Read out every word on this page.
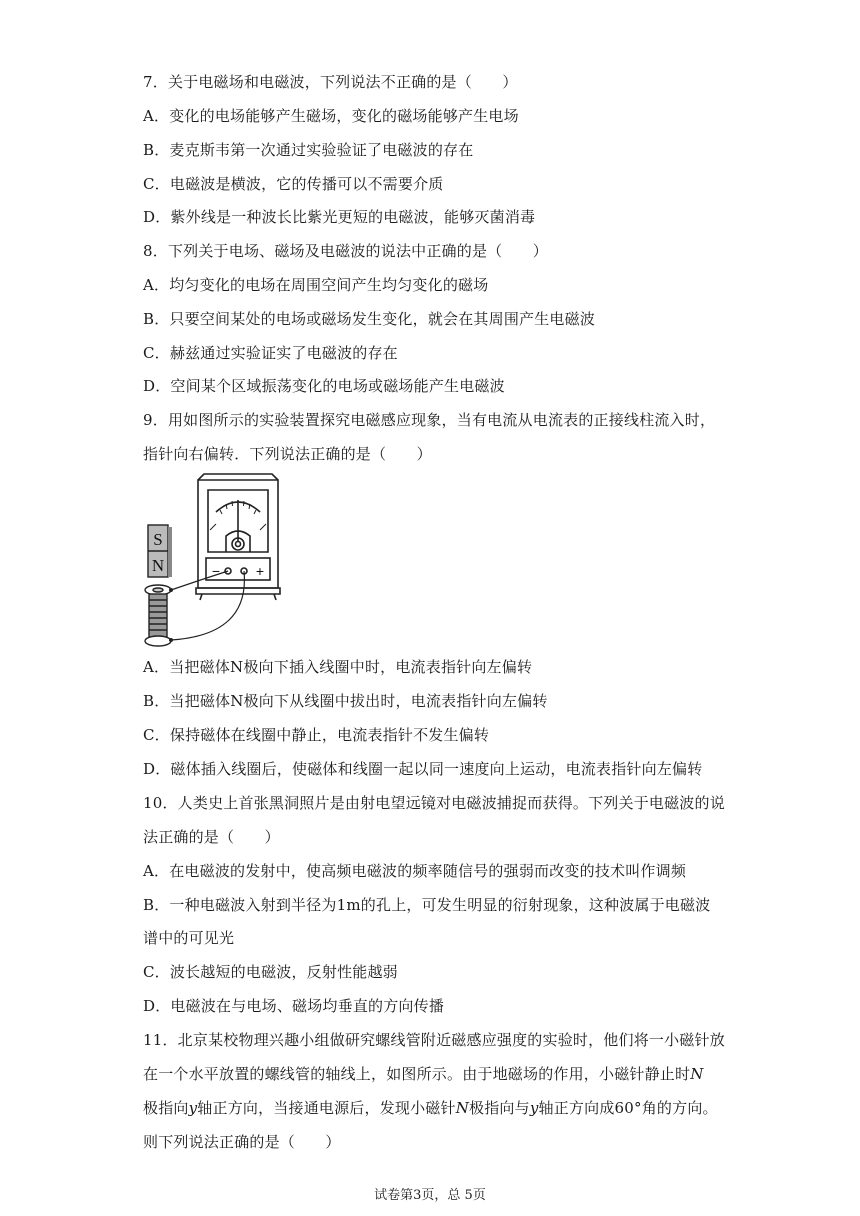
7．关于电磁场和电磁波，下列说法不正确的是（　　）
A．变化的电场能够产生磁场，变化的磁场能够产生电场
B．麦克斯韦第一次通过实验验证了电磁波的存在
C．电磁波是横波，它的传播可以不需要介质
D．紫外线是一种波长比紫光更短的电磁波，能够灭菌消毒
8．下列关于电场、磁场及电磁波的说法中正确的是（　　）
A．均匀变化的电场在周围空间产生均匀变化的磁场
B．只要空间某处的电场或磁场发生变化，就会在其周围产生电磁波
C．赫兹通过实验证实了电磁波的存在
D．空间某个区域振荡变化的电场或磁场能产生电磁波
9．用如图所示的实验装置探究电磁感应现象，当有电流从电流表的正接线柱流入时，
指针向右偏转．下列说法正确的是（　　）
S
N	−	+
A．当把磁体N极向下插入线圈中时，电流表指针向左偏转
B．当把磁体N极向下从线圈中拔出时，电流表指针向左偏转
C．保持磁体在线圈中静止，电流表指针不发生偏转
D．磁体插入线圈后，使磁体和线圈一起以同一速度向上运动，电流表指针向左偏转
10．人类史上首张黑洞照片是由射电望远镜对电磁波捕捉而获得。下列关于电磁波的说
法正确的是（　　）
A．在电磁波的发射中，使高频电磁波的频率随信号的强弱而改变的技术叫作调频
B．一种电磁波入射到半径为1m的孔上，可发生明显的衍射现象，这种波属于电磁波
谱中的可见光
C．波长越短的电磁波，反射性能越弱
D．电磁波在与电场、磁场均垂直的方向传播
11．北京某校物理兴趣小组做研究螺线管附近磁感应强度的实验时，他们将一小磁针放
在一个水平放置的螺线管的轴线上，如图所示。由于地磁场的作用，小磁针静止时N
极指向y轴正方向，当接通电源后，发现小磁针N极指向与y轴正方向成60°角的方向。
则下列说法正确的是（　　）
试卷第3页，总 5页
